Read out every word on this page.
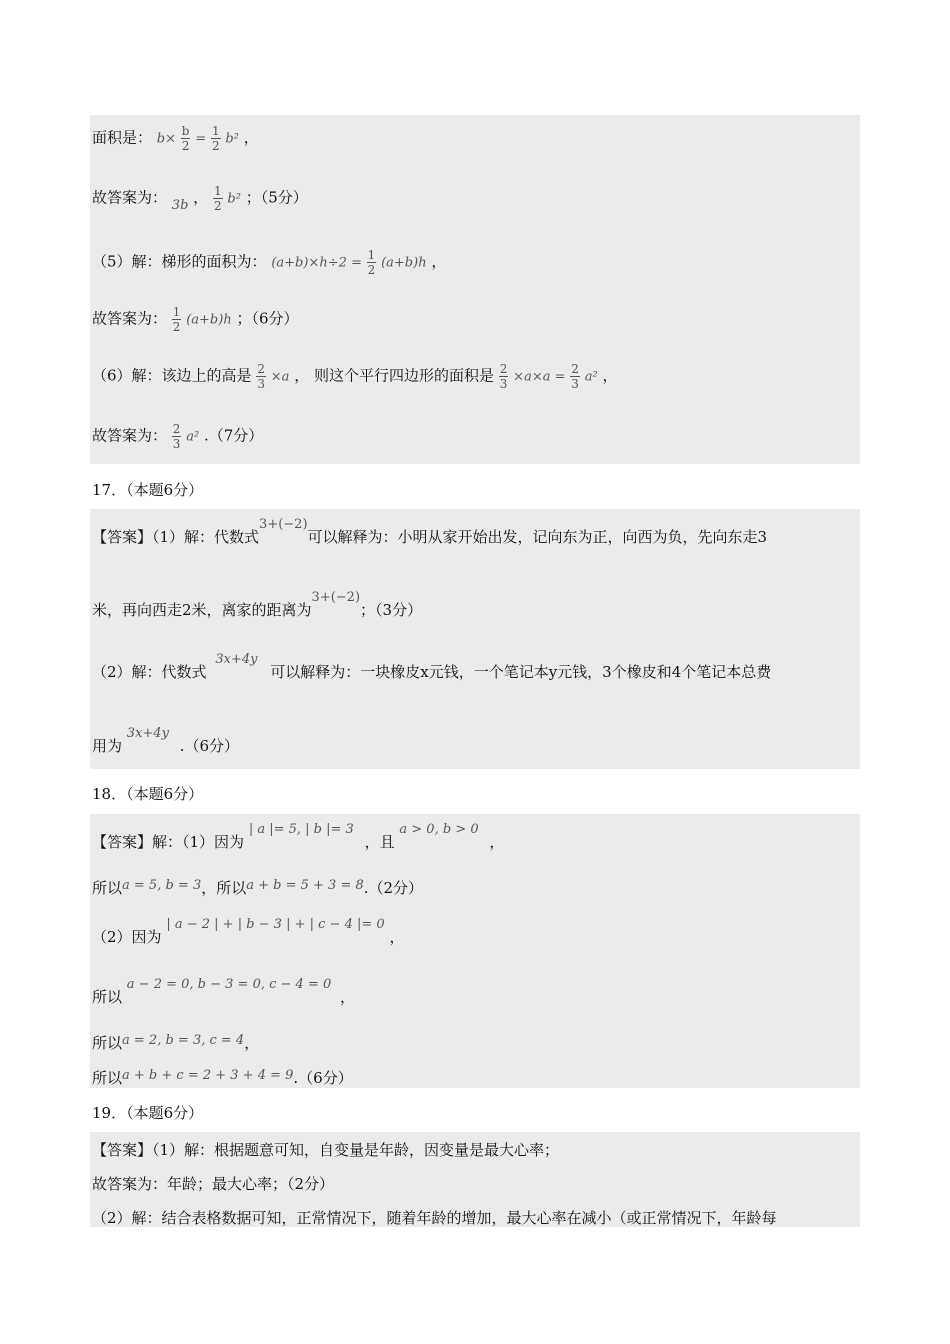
面积是： $b\times \frac{b}{2} = \frac{1}{2} b^2$ ，
故答案为： 3b ， $\frac{1}{2} b^2$ ；（5分）
（5）解：梯形的面积为： $(a+b)\times h\div 2 = \frac{1}{2} (a+b)h$ ，
故答案为： $\frac{1}{2} (a+b)h$ ；（6分）
（6）解：该边上的高是 $\frac{2}{3} \times a$ ， 则这个平行四边形的面积是 $\frac{2}{3} \times a\times a = \frac{2}{3} a^2$ ，
故答案为： $\frac{2}{3} a^2$ .（7分）
17．（本题6分）
【答案】（1）解：代数式3+(−2)可以解释为：小明从家开始出发，记向东为正，向西为负，先向东走3
米，再向西走2米，离家的距离为3+(−2)；（3分）
（2）解：代数式 3x+4y 可以解释为：一块橡皮x元钱，一个笔记本y元钱，3个橡皮和4个笔记本总费
用为 3x+4y .（6分）
18．（本题6分）
【答案】解：（1）因为 | a |= 5, | b |= 3 ，且 a > 0, b > 0 ，
所以a = 5, b = 3，所以a + b = 5 + 3 = 8.（2分）
（2）因为 | a − 2 | + | b − 3 | + | c − 4 |= 0 ，
所以 a − 2 = 0, b − 3 = 0, c − 4 = 0 ，
所以a = 2, b = 3, c = 4，
所以a + b + c = 2 + 3 + 4 = 9.（6分）
19．（本题6分）
【答案】（1）解：根据题意可知，自变量是年龄，因变量是最大心率；
故答案为：年龄；最大心率；（2分）
（2）解：结合表格数据可知，正常情况下，随着年龄的增加，最大心率在减小（或正常情况下，年龄每
